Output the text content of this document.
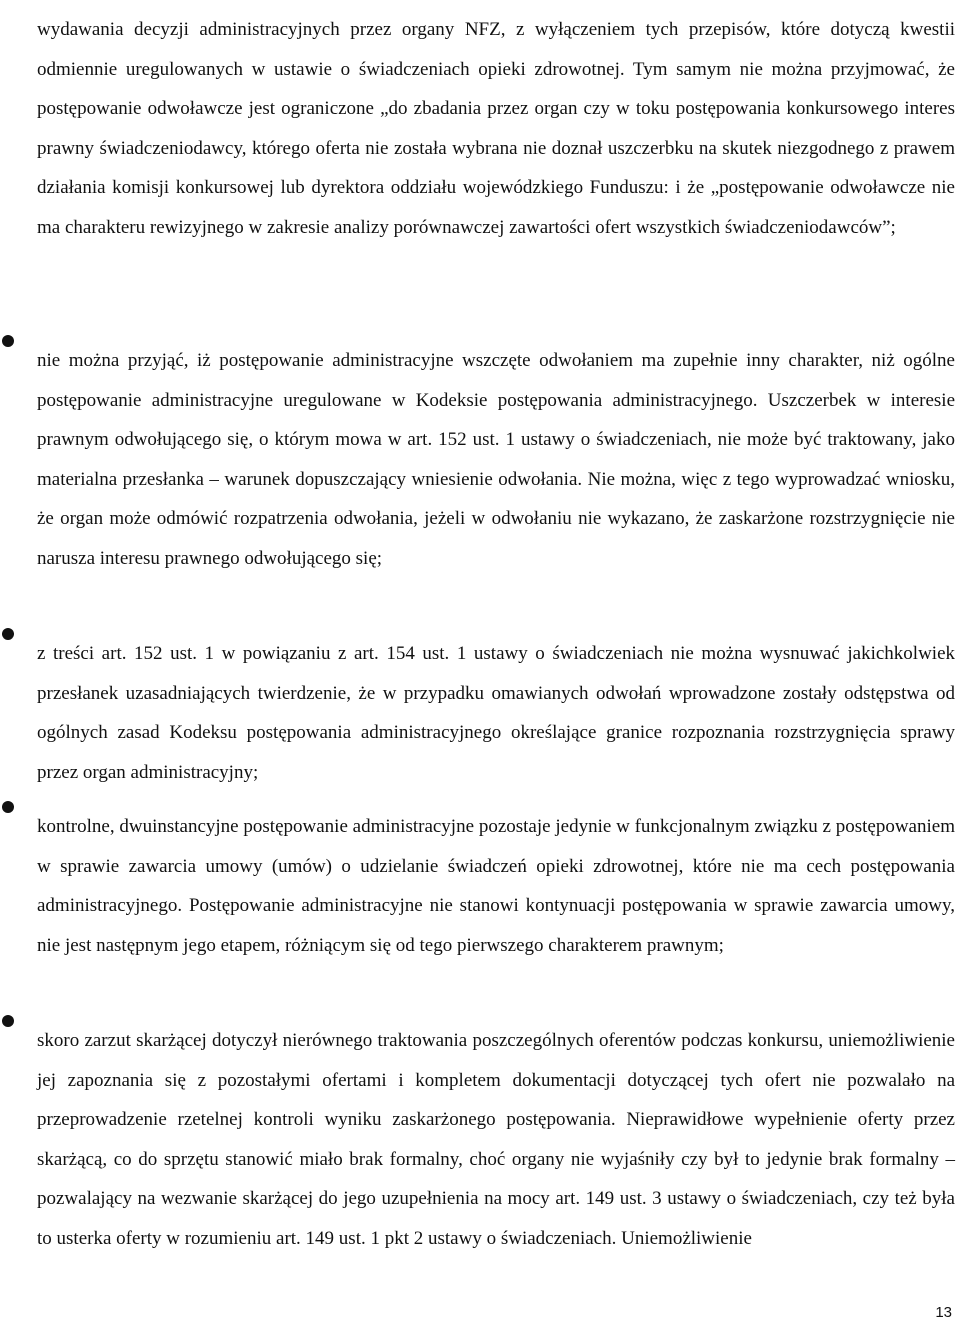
wydawania decyzji administracyjnych przez organy NFZ, z wyłączeniem tych przepisów, które dotyczą kwestii odmiennie uregulowanych w ustawie o świadczeniach opieki zdrowotnej. Tym samym nie można przyjmować, że postępowanie odwoławcze jest ograniczone „do zbadania przez organ czy w toku postępowania konkursowego interes prawny świadczeniodawcy, którego oferta nie została wybrana nie doznał uszczerbku na skutek niezgodnego z prawem działania komisji konkursowej lub dyrektora oddziału wojewódzkiego Funduszu: i że „postępowanie odwoławcze nie ma charakteru rewizyjnego w zakresie analizy porównawczej zawartości ofert wszystkich świadczeniodawców”;

nie można przyjąć, iż postępowanie administracyjne wszczęte odwołaniem ma zupełnie inny charakter, niż ogólne postępowanie administracyjne uregulowane w Kodeksie postępowania administracyjnego. Uszczerbek w interesie prawnym odwołującego się, o którym mowa w art. 152 ust. 1 ustawy o świadczeniach, nie może być traktowany, jako materialna przesłanka – warunek dopuszczający wniesienie odwołania. Nie można, więc z tego wyprowadzać wniosku, że organ może odmówić rozpatrzenia odwołania, jeżeli w odwołaniu nie wykazano, że zaskarżone rozstrzygnięcie nie narusza interesu prawnego odwołującego się;

z treści art. 152 ust. 1 w powiązaniu z art. 154 ust. 1 ustawy o świadczeniach nie można wysnuwać jakichkolwiek przesłanek uzasadniających twierdzenie, że w przypadku omawianych odwołań wprowadzone zostały odstępstwa od ogólnych zasad Kodeksu postępowania administracyjnego określające granice rozpoznania rozstrzygnięcia sprawy przez organ administracyjny;

kontrolne, dwuinstancyjne postępowanie administracyjne pozostaje jedynie w funkcjonalnym związku z postępowaniem w sprawie zawarcia umowy (umów) o udzielanie świadczeń opieki zdrowotnej, które nie ma cech postępowania administracyjnego. Postępowanie administracyjne nie stanowi kontynuacji postępowania w sprawie zawarcia umowy, nie jest następnym jego etapem, różniącym się od tego pierwszego charakterem prawnym;

skoro zarzut skarżącej dotyczył nierównego traktowania poszczególnych oferentów podczas konkursu, uniemożliwienie jej zapoznania się z pozostałymi ofertami i kompletem dokumentacji dotyczącej tych ofert nie pozwalało na przeprowadzenie rzetelnej kontroli wyniku zaskarżonego postępowania. Nieprawidłowe wypełnienie oferty przez skarżącą, co do sprzętu stanowić miało brak formalny, choć organy nie wyjaśniły czy był to jedynie brak formalny – pozwalający na wezwanie skarżącej do jego uzupełnienia na mocy art. 149 ust. 3 ustawy o świadczeniach, czy też była to usterka oferty w rozumieniu art. 149 ust. 1 pkt 2 ustawy o świadczeniach. Uniemożliwienie

13
